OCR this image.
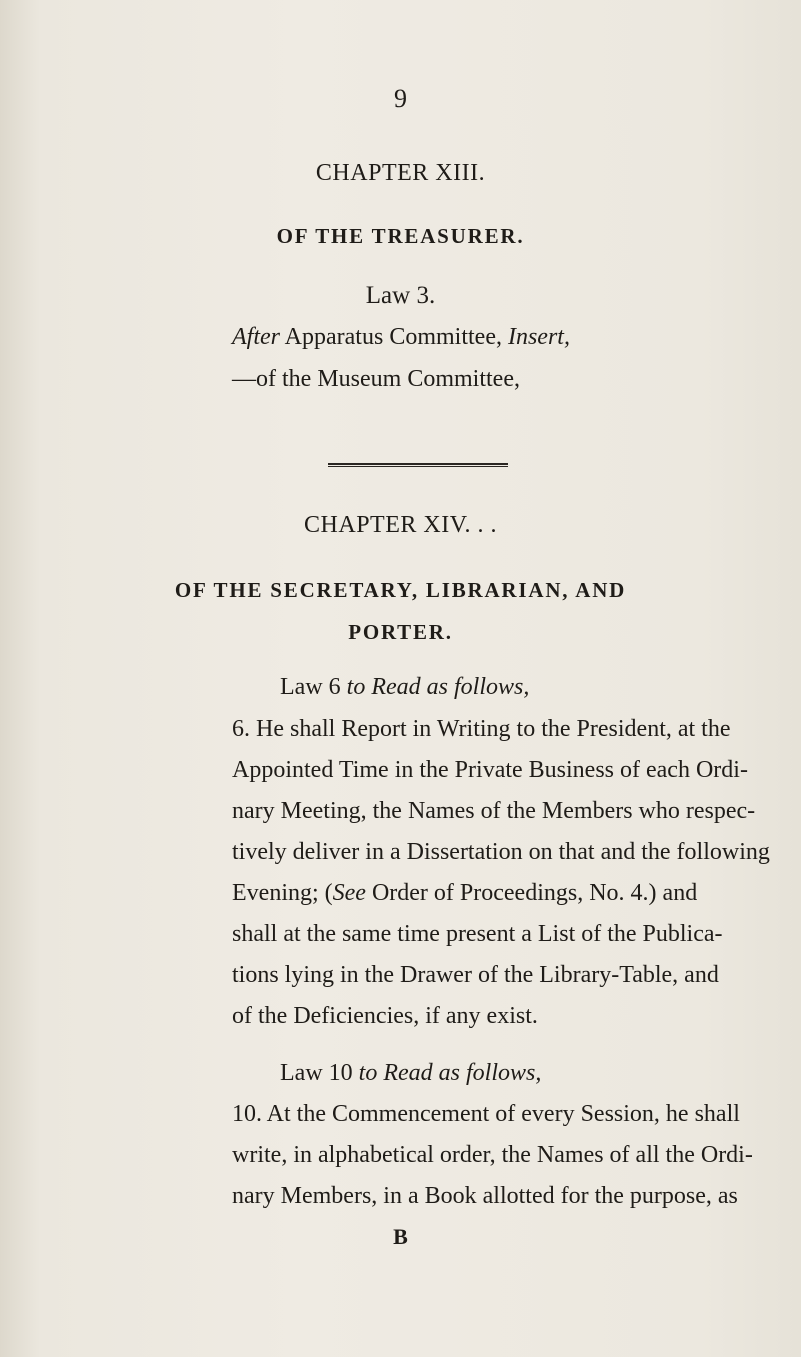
9
CHAPTER XIII.
OF THE TREASURER.
Law 3.
After Apparatus Committee, Insert,
—of the Museum Committee,
CHAPTER XIV. . .
OF THE SECRETARY, LIBRARIAN, AND
PORTER.
Law 6 to Read as follows,
6. He shall Report in Writing to the President, at the
Appointed Time in the Private Business of each Ordi-
nary Meeting, the Names of the Members who respec-
tively deliver in a Dissertation on that and the following
Evening; (See Order of Proceedings, No. 4.) and
shall at the same time present a List of the Publica-
tions lying in the Drawer of the Library-Table, and
of the Deficiencies, if any exist.
Law 10 to Read as follows,
10. At the Commencement of every Session, he shall
write, in alphabetical order, the Names of all the Ordi-
nary Members, in a Book allotted for the purpose, as
B
